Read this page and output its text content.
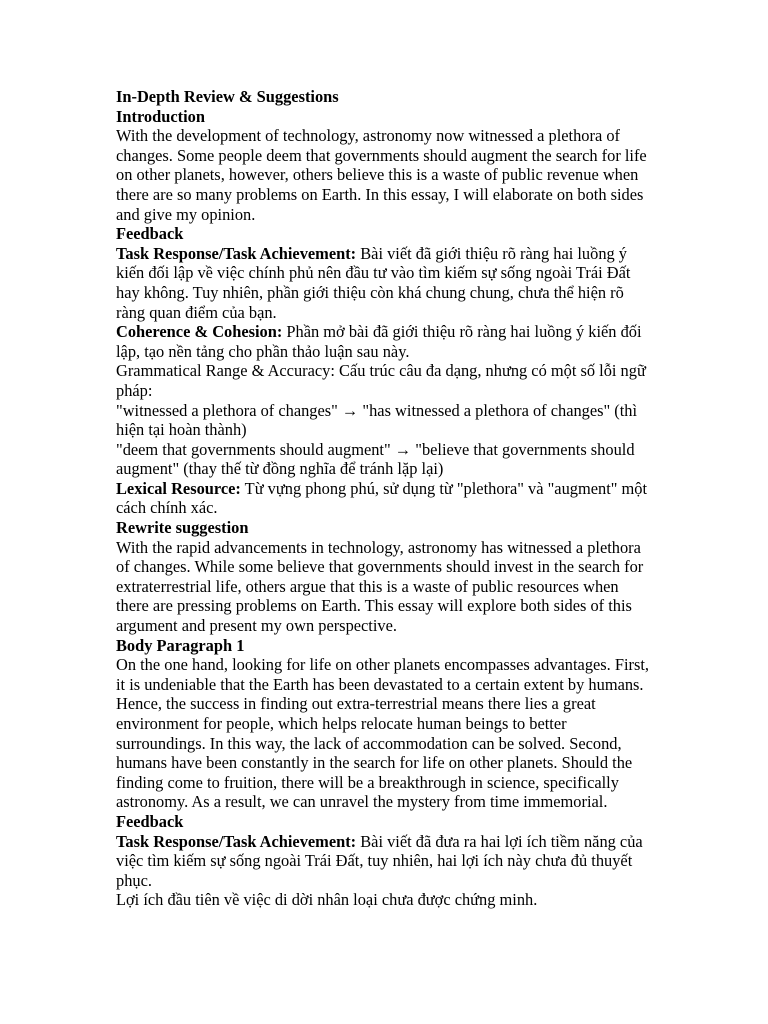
In-Depth Review & Suggestions

Introduction

With the development of technology, astronomy now witnessed a plethora of changes. Some people deem that governments should augment the search for life on other planets, however, others believe this is a waste of public revenue when there are so many problems on Earth. In this essay, I will elaborate on both sides and give my opinion.

Feedback

Task Response/Task Achievement: Bài viết đã giới thiệu rõ ràng hai luồng ý kiến đối lập về việc chính phủ nên đầu tư vào tìm kiếm sự sống ngoài Trái Đất hay không. Tuy nhiên, phần giới thiệu còn khá chung chung, chưa thể hiện rõ ràng quan điểm của bạn.

Coherence & Cohesion: Phần mở bài đã giới thiệu rõ ràng hai luồng ý kiến đối lập, tạo nền tảng cho phần thảo luận sau này.

Grammatical Range & Accuracy: Cấu trúc câu đa dạng, nhưng có một số lỗi ngữ pháp:

"witnessed a plethora of changes" → "has witnessed a plethora of changes" (thì hiện tại hoàn thành)

"deem that governments should augment" → "believe that governments should augment" (thay thế từ đồng nghĩa để tránh lặp lại)

Lexical Resource: Từ vựng phong phú, sử dụng từ "plethora" và "augment" một cách chính xác.

Rewrite suggestion

With the rapid advancements in technology, astronomy has witnessed a plethora of changes. While some believe that governments should invest in the search for extraterrestrial life, others argue that this is a waste of public resources when there are pressing problems on Earth. This essay will explore both sides of this argument and present my own perspective.

Body Paragraph 1

On the one hand, looking for life on other planets encompasses advantages. First, it is undeniable that the Earth has been devastated to a certain extent by humans. Hence, the success in finding out extra-terrestrial means there lies a great environment for people, which helps relocate human beings to better surroundings. In this way, the lack of accommodation can be solved. Second, humans have been constantly in the search for life on other planets. Should the finding come to fruition, there will be a breakthrough in science, specifically astronomy. As a result, we can unravel the mystery from time immemorial.

Feedback

Task Response/Task Achievement: Bài viết đã đưa ra hai lợi ích tiềm năng của việc tìm kiếm sự sống ngoài Trái Đất, tuy nhiên, hai lợi ích này chưa đủ thuyết phục.

Lợi ích đầu tiên về việc di dời nhân loại chưa được chứng minh.
